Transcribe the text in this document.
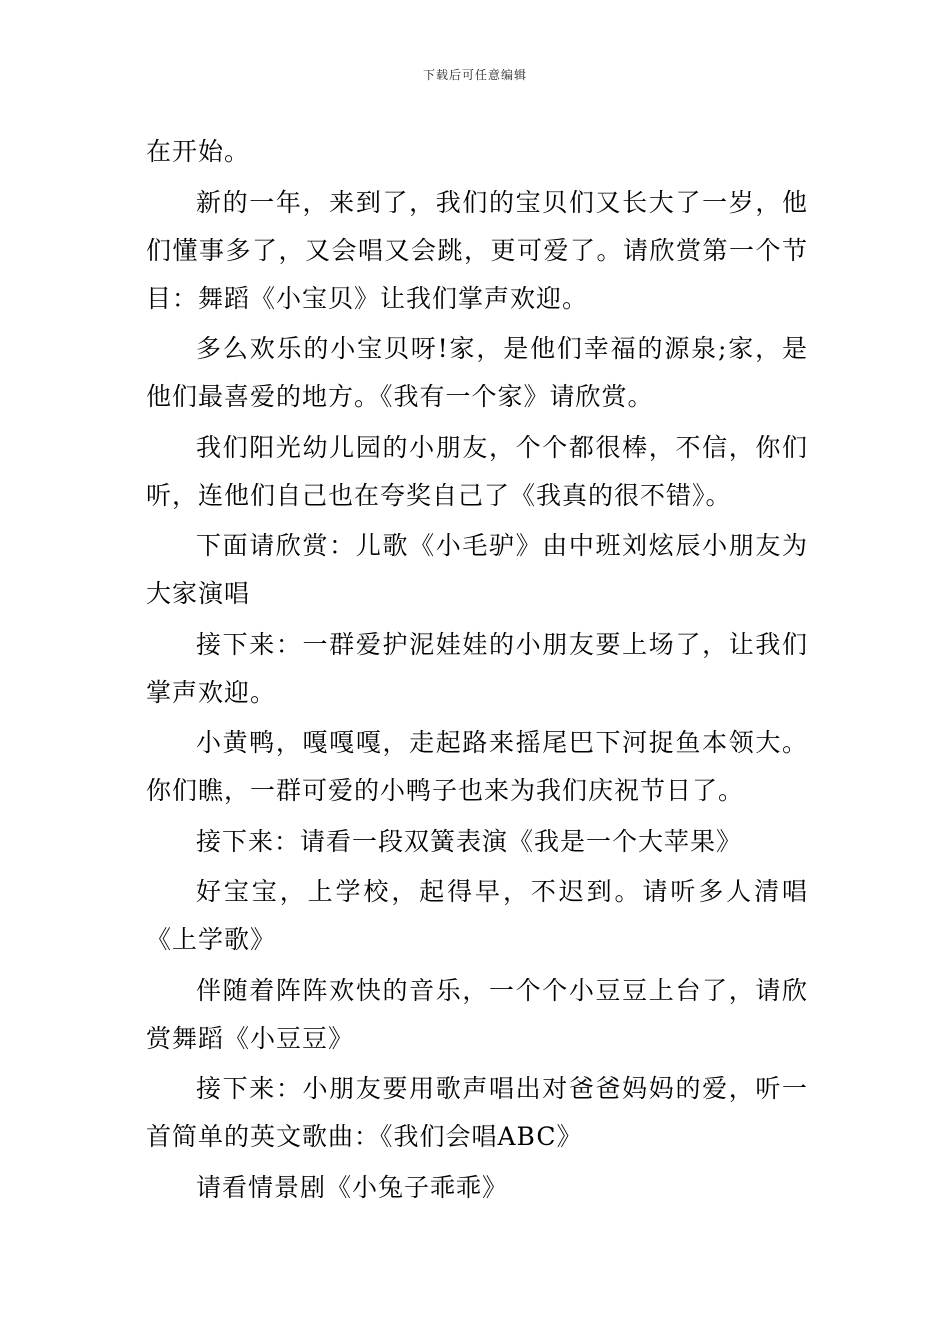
下载后可任意编辑

在开始。

新的一年，来到了，我们的宝贝们又长大了一岁，他们懂事多了，又会唱又会跳，更可爱了。请欣赏第一个节目：舞蹈《小宝贝》让我们掌声欢迎。

多么欢乐的小宝贝呀!家，是他们幸福的源泉;家，是他们最喜爱的地方。《我有一个家》请欣赏。

我们阳光幼儿园的小朋友，个个都很棒，不信，你们听，连他们自己也在夸奖自己了《我真的很不错》。

下面请欣赏：儿歌《小毛驴》由中班刘炫辰小朋友为大家演唱

接下来：一群爱护泥娃娃的小朋友要上场了，让我们掌声欢迎。

小黄鸭，嘎嘎嘎，走起路来摇尾巴下河捉鱼本领大。你们瞧，一群可爱的小鸭子也来为我们庆祝节日了。

接下来：请看一段双簧表演《我是一个大苹果》

好宝宝，上学校，起得早，不迟到。请听多人清唱《上学歌》

伴随着阵阵欢快的音乐，一个个小豆豆上台了，请欣赏舞蹈《小豆豆》

接下来：小朋友要用歌声唱出对爸爸妈妈的爱，听一首简单的英文歌曲：《我们会唱ABC》

请看情景剧《小兔子乖乖》
